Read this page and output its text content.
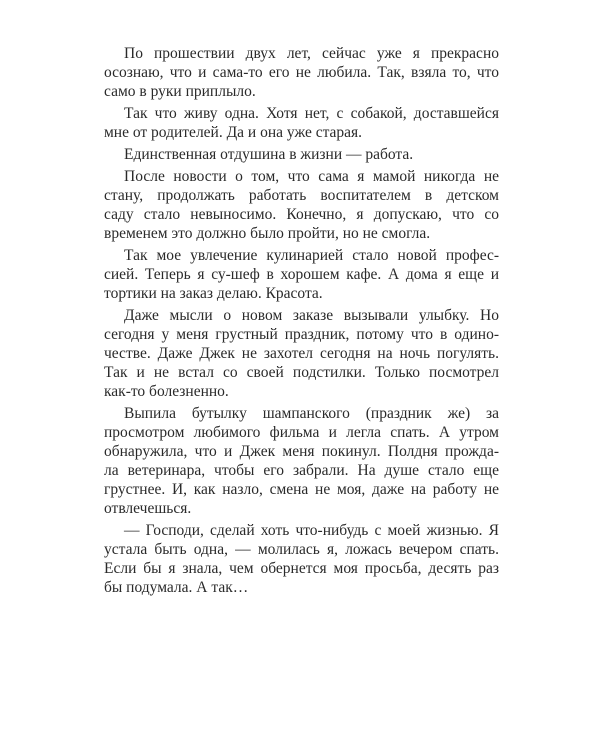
По прошествии двух лет, сейчас уже я прекрасно
осознаю, что и сама-то его не любила. Так, взяла то, что
само в руки приплыло.

Так что живу одна. Хотя нет, с собакой, доставшейся
мне от родителей. Да и она уже старая.

Единственная отдушина в жизни — работа.

После новости о том, что сама я мамой никогда не
стану, продолжать работать воспитателем в детском
саду стало невыносимо. Конечно, я допускаю, что со
временем это должно было пройти, но не смогла.

Так мое увлечение кулинарией стало новой профес-
сией. Теперь я су-шеф в хорошем кафе. А дома я еще и
тортики на заказ делаю. Красота.

Даже мысли о новом заказе вызывали улыбку. Но
сегодня у меня грустный праздник, потому что в одино-
честве. Даже Джек не захотел сегодня на ночь погулять.
Так и не встал со своей подстилки. Только посмотрел
как-то болезненно.

Выпила бутылку шампанского (праздник же) за
просмотром любимого фильма и легла спать. А утром
обнаружила, что и Джек меня покинул. Полдня прожда-
ла ветеринара, чтобы его забрали. На душе стало еще
грустнее. И, как назло, смена не моя, даже на работу не
отвлечешься.

— Господи, сделай хоть что-нибудь с моей жизнью. Я
устала быть одна, — молилась я, ложась вечером спать.
Если бы я знала, чем обернется моя просьба, десять раз
бы подумала. А так…
